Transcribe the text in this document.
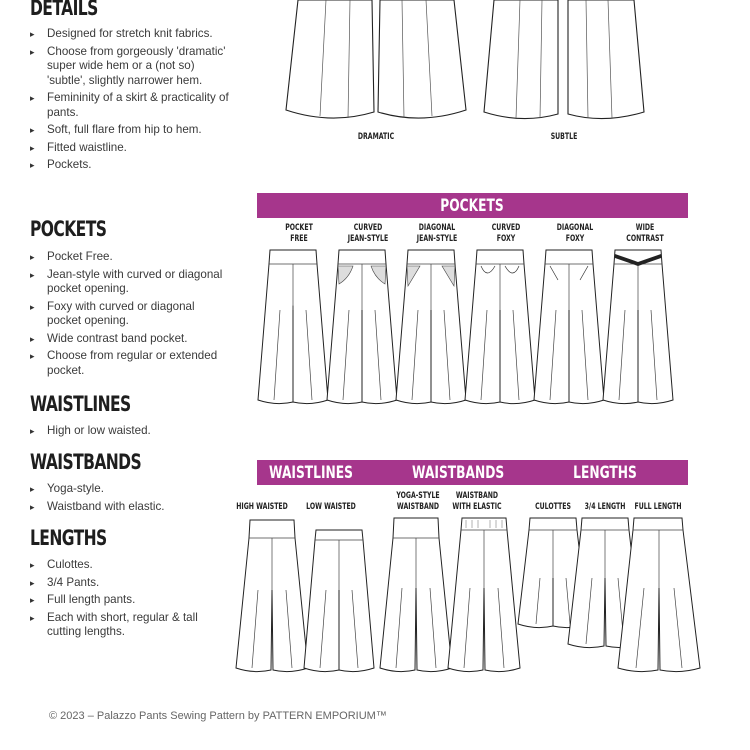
DETAILS
▸ Designed for stretch knit fabrics.
▸ Choose from gorgeously 'dramatic' super wide hem or a (not so) 'subtle', slightly narrower hem.
▸ Femininity of a skirt & practicality of pants.
▸ Soft, full flare from hip to hem.
▸ Fitted waistline.
▸ Pockets.
POCKETS
▸ Pocket Free.
▸ Jean-style with curved or diagonal pocket opening.
▸ Foxy with curved or diagonal pocket opening.
▸ Wide contrast band pocket.
▸ Choose from regular or extended pocket.
WAISTLINES
▸ High or low waisted.
WAISTBANDS
▸ Yoga-style.
▸ Waistband with elastic.
LENGTHS
▸ Culottes.
▸ 3/4 Pants.
▸ Full length pants.
▸ Each with short, regular & tall cutting lengths.
DRAMATIC	SUBTLE
POCKETS
POCKET
FREE
CURVED
JEAN-STYLE
DIAGONAL
JEAN-STYLE
CURVED
FOXY
DIAGONAL
FOXY
WIDE
CONTRAST
WAISTLINES	WAISTBANDS	LENGTHS
HIGH WAISTED	LOW WAISTED
YOGA-STYLE
WAISTBAND
WAISTBAND
WITH ELASTIC	CULOTTES	3/4 LENGTH	FULL LENGTH
© 2023 – Palazzo Pants Sewing Pattern by PATTERN EMPORIUM™
